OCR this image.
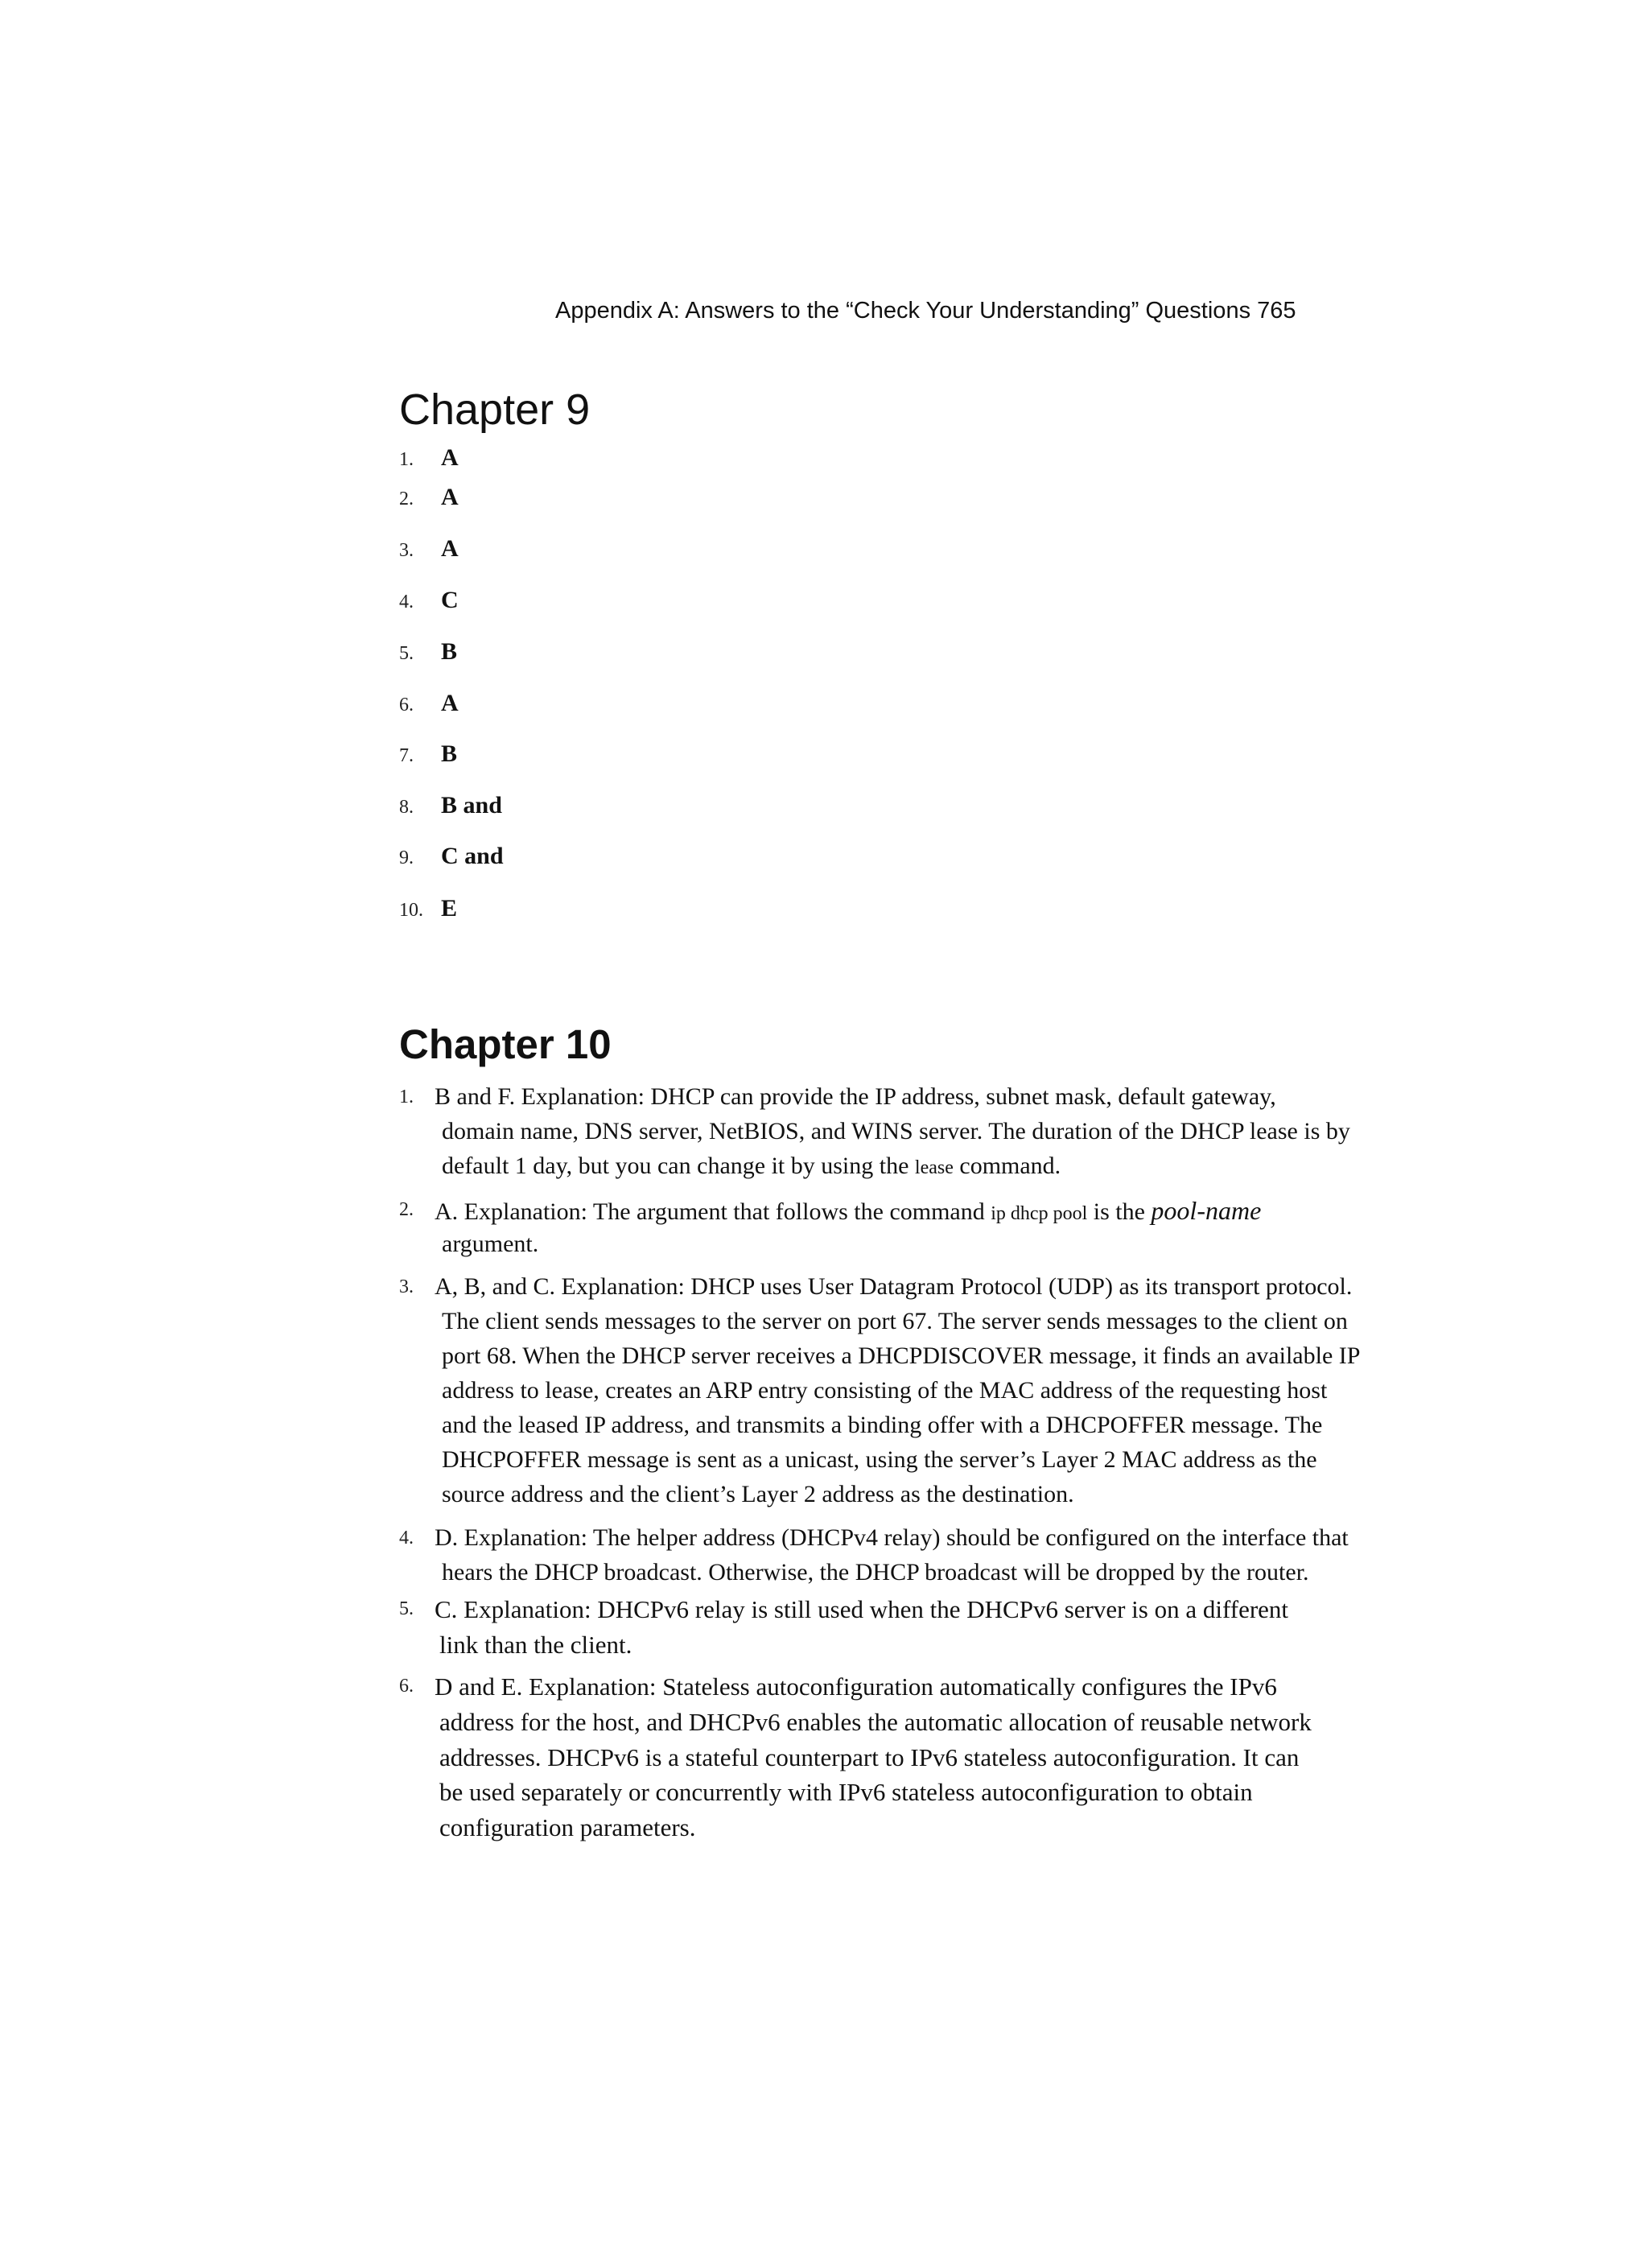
Appendix A: Answers to the “Check Your Understanding” Questions 765
Chapter 9
1. A
2. A
3. A
4. C
5. B
6. A
7. B
8. B and
9. C and
10. E
Chapter 10
1. B and F. Explanation: DHCP can provide the IP address, subnet mask, default gateway,
domain name, DNS server, NetBIOS, and WINS server. The duration of the DHCP lease is by
default 1 day, but you can change it by using the lease command.
2. A. Explanation: The argument that follows the command ip dhcp pool is the pool-name
argument.
3. A, B, and C. Explanation: DHCP uses User Datagram Protocol (UDP) as its transport protocol.
The client sends messages to the server on port 67. The server sends messages to the client on
port 68. When the DHCP server receives a DHCPDISCOVER message, it finds an available IP
address to lease, creates an ARP entry consisting of the MAC address of the requesting host
and the leased IP address, and transmits a binding offer with a DHCPOFFER message. The
DHCPOFFER message is sent as a unicast, using the server’s Layer 2 MAC address as the
source address and the client’s Layer 2 address as the destination.
4. D. Explanation: The helper address (DHCPv4 relay) should be configured on the interface that
hears the DHCP broadcast. Otherwise, the DHCP broadcast will be dropped by the router.
5. C. Explanation: DHCPv6 relay is still used when the DHCPv6 server is on a different
link than the client.
6. D and E. Explanation: Stateless autoconfiguration automatically configures the IPv6
address for the host, and DHCPv6 enables the automatic allocation of reusable network
addresses. DHCPv6 is a stateful counterpart to IPv6 stateless autoconfiguration. It can
be used separately or concurrently with IPv6 stateless autoconfiguration to obtain
configuration parameters.
